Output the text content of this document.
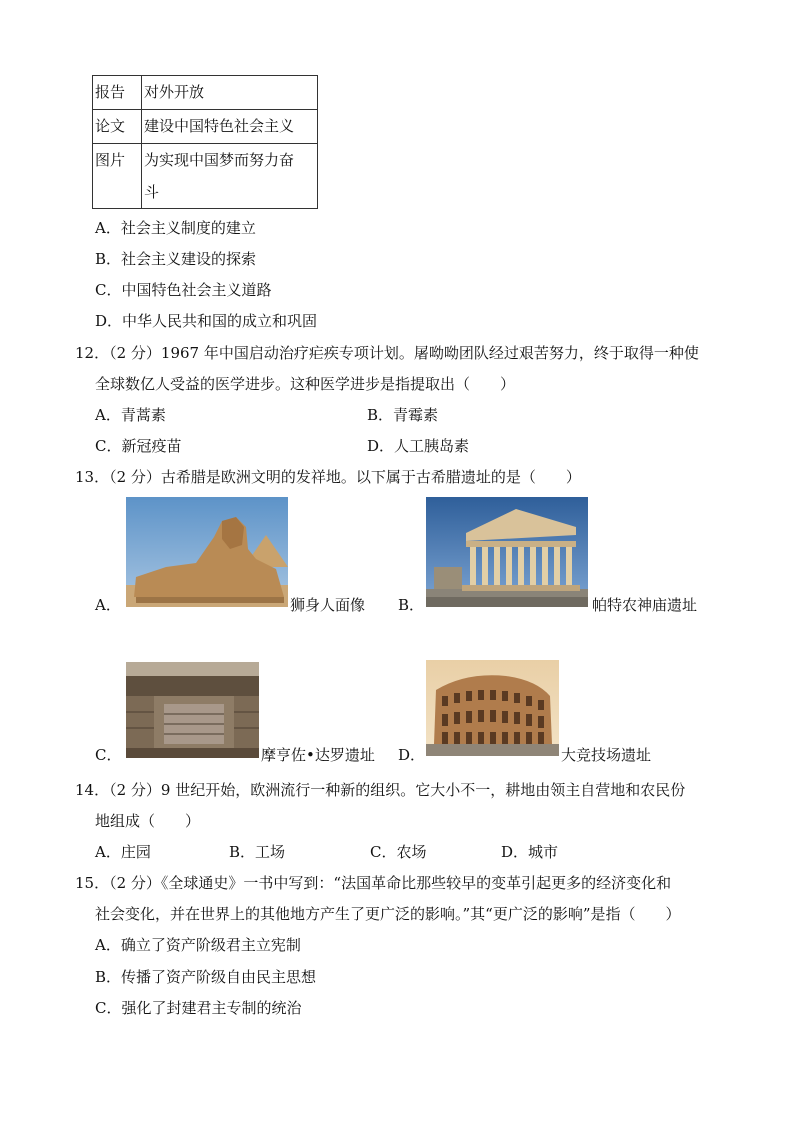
报告	对外开放
论文	建设中国特色社会主义
图片	为实现中国梦而努力奋
斗
A．社会主义制度的建立
B．社会主义建设的探索
C．中国特色社会主义道路
D．中华人民共和国的成立和巩固
12．（2 分）1967 年中国启动治疗疟疾专项计划。屠呦呦团队经过艰苦努力，终于取得一种使
全球数亿人受益的医学进步。这种医学进步是指提取出（　　）
A．青蒿素	B．青霉素
C．新冠疫苗	D．人工胰岛素
13．（2 分）古希腊是欧洲文明的发祥地。以下属于古希腊遗址的是（　　）
A．	狮身人面像 B．	帕特农神庙遗址
C．	摩亨佐•达罗遗址 D．	大竞技场遗址
14．（2 分）9 世纪开始，欧洲流行一种新的组织。它大小不一，耕地由领主自营地和农民份
地组成（　　）
A．庄园	B．工场	C．农场	D．城市
15．（2 分）《全球通史》一书中写到：“法国革命比那些较早的变革引起更多的经济变化和
社会变化，并在世界上的其他地方产生了更广泛的影响。”其“更广泛的影响”是指（　　）
A．确立了资产阶级君主立宪制
B．传播了资产阶级自由民主思想
C．强化了封建君主专制的统治
